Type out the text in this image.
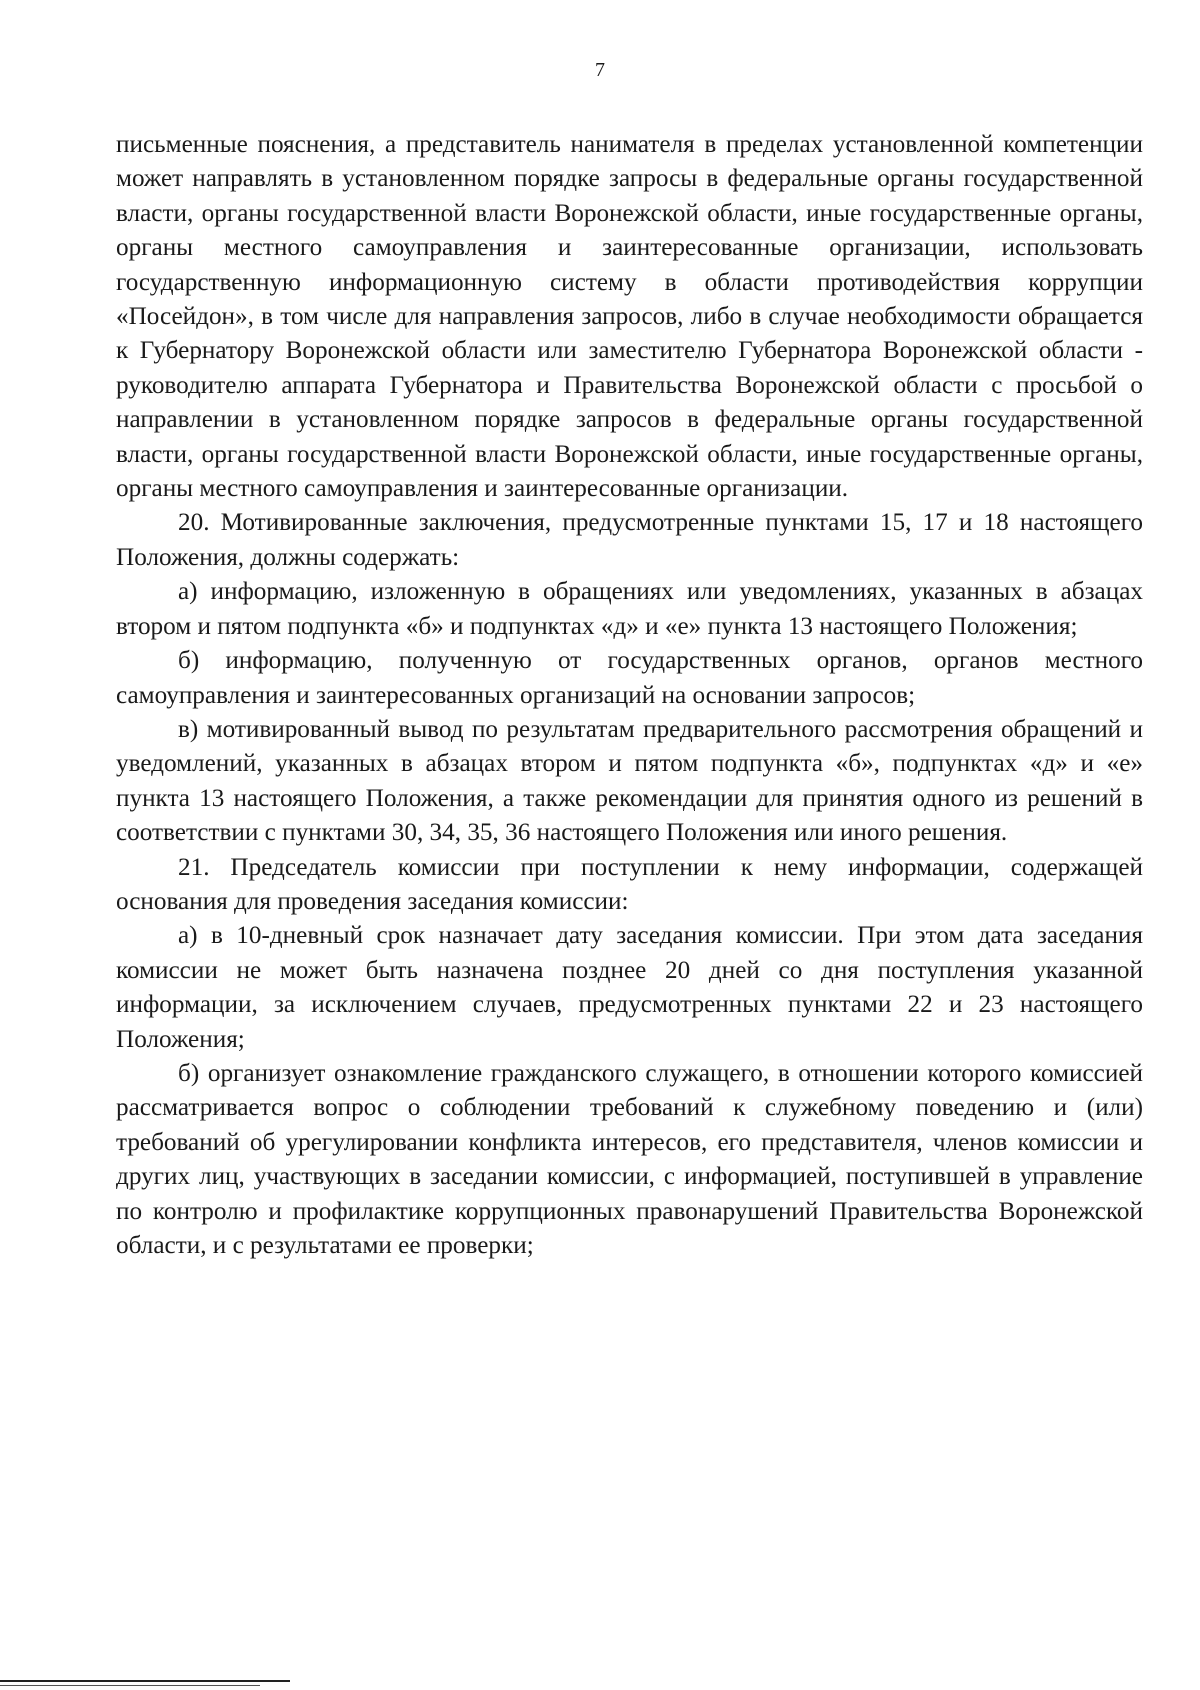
7

письменные пояснения, а представитель нанимателя в пределах установленной компетенции может направлять в установленном порядке запросы в федеральные органы государственной власти, органы государственной власти Воронежской области, иные государственные органы, органы местного самоуправления и заинтересованные организации, использовать государственную информационную систему в области противодействия коррупции «Посейдон», в том числе для направления запросов, либо в случае необходимости обращается к Губернатору Воронежской области или заместителю Губернатора Воронежской области - руководителю аппарата Губернатора и Правительства Воронежской области с просьбой о направлении в установленном порядке запросов в федеральные органы государственной власти, органы государственной власти Воронежской области, иные государственные органы, органы местного самоуправления и заинтересованные организации.

20. Мотивированные заключения, предусмотренные пунктами 15, 17 и 18 настоящего Положения, должны содержать:

а) информацию, изложенную в обращениях или уведомлениях, указанных в абзацах втором и пятом подпункта «б» и подпунктах «д» и «е» пункта 13 настоящего Положения;

б) информацию, полученную от государственных органов, органов местного самоуправления и заинтересованных организаций на основании запросов;

в) мотивированный вывод по результатам предварительного рассмотрения обращений и уведомлений, указанных в абзацах втором и пятом подпункта «б», подпунктах «д» и «е» пункта 13 настоящего Положения, а также рекомендации для принятия одного из решений в соответствии с пунктами 30, 34, 35, 36 настоящего Положения или иного решения.

21. Председатель комиссии при поступлении к нему информации, содержащей основания для проведения заседания комиссии:

а) в 10-дневный срок назначает дату заседания комиссии. При этом дата заседания комиссии не может быть назначена позднее 20 дней со дня поступления указанной информации, за исключением случаев, предусмотренных пунктами 22 и 23 настоящего Положения;

б) организует ознакомление гражданского служащего, в отношении которого комиссией рассматривается вопрос о соблюдении требований к служебному поведению и (или) требований об урегулировании конфликта интересов, его представителя, членов комиссии и других лиц, участвующих в заседании комиссии, с информацией, поступившей в управление по контролю и профилактике коррупционных правонарушений Правительства Воронежской области, и с результатами ее проверки;
